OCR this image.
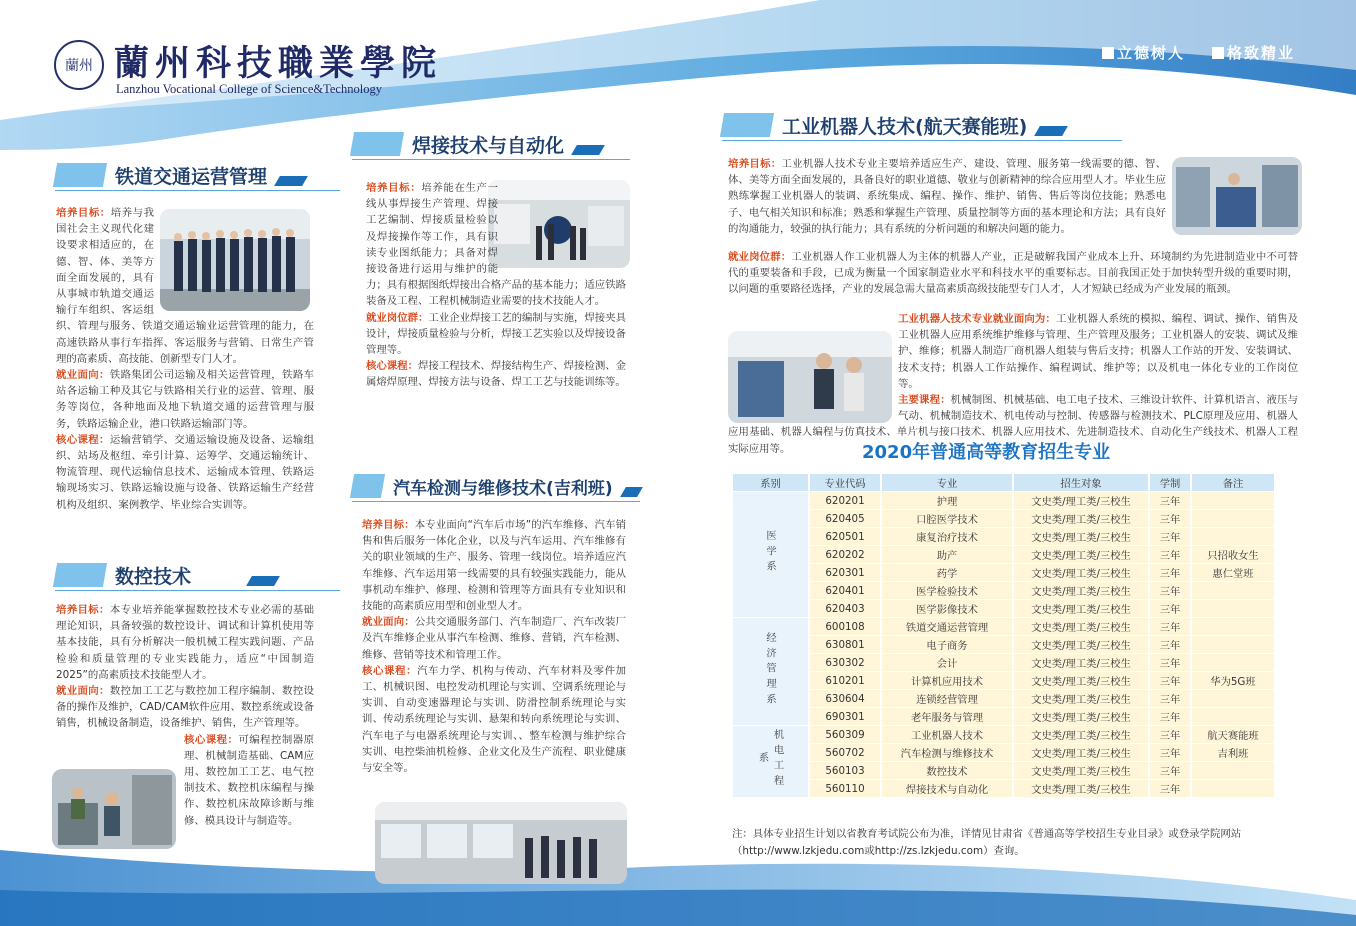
蘭州 蘭州科技職業學院
Lanzhou Vocational College of Science&Technology
立德树人	格致精业
铁道交通运营管理

培养目标：培养与我国社会主义现代化建设要求相适应的，在德、智、体、美等方面全面发展的，具有从事城市轨道交通运输行车组织、客运组织、管理与服务、铁道交通运输业运营管理的能力，在高速铁路从事行车指挥、客运服务与营销、日常生产管理的高素质、高技能、创新型专门人才。

就业面向：铁路集团公司运输及相关运营管理，铁路车站各运输工种及其它与铁路相关行业的运营、管理、服务等岗位，各种地面及地下轨道交通的运营管理与服务，铁路运输企业，港口铁路运输部门等。

核心课程：运输营销学、交通运输设施及设备、运输组织、站场及枢纽、牵引计算、运筹学、交通运输统计、物流管理、现代运输信息技术、运输成本管理、铁路运输现场实习、铁路运输设施与设备、铁路运输生产经营机构及组织、案例教学、毕业综合实训等。

数控技术

培养目标：本专业培养能掌握数控技术专业必需的基础理论知识，具备较强的数控设计、调试和计算机使用等基本技能，具有分析解决一般机械工程实践问题、产品检验和质量管理的专业实践能力，适应“中国制造2025”的高素质技术技能型人才。

就业面向：数控加工工艺与数控加工程序编制、数控设备的操作及维护，CAD/CAM软件应用、数控系统或设备销售，机械设备制造，设备维护、销售，生产管理等。

核心课程：可编程控制器原理、机械制造基础、CAM应用、数控加工工艺、电气控制技术、数控机床编程与操作、数控机床故障诊断与维修、模具设计与制造等。

焊接技术与自动化

培养目标：培养能在生产一线从事焊接生产管理、焊接工艺编制、焊接质量检验以及焊接操作等工作，具有识读专业图纸能力；具备对焊接设备进行运用与维护的能力；具有根据图纸焊接出合格产品的基本能力；适应铁路装备及工程、工程机械制造业需要的技术技能人才。

就业岗位群：工业企业焊接工艺的编制与实施，焊接夹具设计，焊接质量检验与分析，焊接工艺实验以及焊接设备管理等。

核心课程：焊接工程技术、焊接结构生产、焊接检测、金属熔焊原理、焊接方法与设备、焊工工艺与技能训练等。

汽车检测与维修技术(吉利班)

培养目标：本专业面向“汽车后市场”的汽车维修、汽车销售和售后服务一体化企业，以及与汽车运用、汽车维修有关的职业领域的生产、服务、管理一线岗位。培养适应汽车维修、汽车运用第一线需要的具有较强实践能力，能从事机动车维护、修理、检测和管理等方面具有专业知识和技能的高素质应用型和创业型人才。

就业面向：公共交通服务部门、汽车制造厂、汽车改装厂及汽车维修企业从事汽车检测、维修、营销，汽车检测、维修、营销等技术和管理工作。

核心课程：汽车力学、机构与传动、汽车材料及零件加工、机械识图、电控发动机理论与实训、空调系统理论与实训、自动变速器理论与实训、防滑控制系统理论与实训、传动系统理论与实训、悬架和转向系统理论与实训、汽车电子与电器系统理论与实训、、整车检测与维护综合实训、电控柴油机检修、企业文化及生产流程、职业健康与安全等。

工业机器人技术(航天赛能班)

培养目标：工业机器人技术专业主要培养适应生产、建设、管理、服务第一线需要的德、智、体、美等方面全面发展的，具备良好的职业道德、敬业与创新精神的综合应用型人才。毕业生应熟练掌握工业机器人的装调、系统集成、编程、操作、维护、销售、售后等岗位技能；熟悉电子、电气相关知识和标准；熟悉和掌握生产管理、质量控制等方面的基本理论和方法；具有良好的沟通能力，较强的执行能力；具有系统的分析问题的和解决问题的能力。

就业岗位群：工业机器人作工业机器人为主体的机器人产业，正是破解我国产业成本上升、环境制约为先进制造业中不可替代的重要装备和手段，已成为衡量一个国家制造业水平和科技水平的重要标志。目前我国正处于加快转型升级的重要时期，以问题的重要路径选择，产业的发展急需大量高素质高级技能型专门人才，人才短缺已经成为产业发展的瓶颈。

工业机器人技术专业就业面向为：工业机器人系统的模拟、编程、调试、操作、销售及工业机器人应用系统维护维修与管理、生产管理及服务；工业机器人的安装、调试及维护、维修；机器人制造厂商机器人组装与售后支持；机器人工作站的开发、安装调试、技术支持；机器人工作站操作、编程调试、维护等；以及机电一体化专业的工作岗位等。

主要课程：机械制图、机械基础、电工电子技术、三维设计软件、计算机语言、液压与气动、机械制造技术、机电传动与控制、传感器与检测技术、PLC原理及应用、机器人应用基础、机器人编程与仿真技术、单片机与接口技术、机器人应用技术、先进制造技术、自动化生产线技术、机器人工程实际应用等。	2020年普通高等教育招生专业
系别	专业代码	专业	招生对象	学制	备注
医学系	620201	护理	文史类/理工类/三校生	三年	
	620405	口腔医学技术	文史类/理工类/三校生	三年	
	620501	康复治疗技术	文史类/理工类/三校生	三年	
	620202	助产	文史类/理工类/三校生	三年	只招收女生
	620301	药学	文史类/理工类/三校生	三年	惠仁堂班
	620401	医学检验技术	文史类/理工类/三校生	三年	
	620403	医学影像技术	文史类/理工类/三校生	三年	
经济管理系	600108	铁道交通运营管理	文史类/理工类/三校生	三年	
	630801	电子商务	文史类/理工类/三校生	三年	
	630302	会计	文史类/理工类/三校生	三年	
	610201	计算机应用技术	文史类/理工类/三校生	三年	华为5G班
	630604	连锁经营管理	文史类/理工类/三校生	三年	
	690301	老年服务与管理	文史类/理工类/三校生	三年	
机电工程系	560309	工业机器人技术	文史类/理工类/三校生	三年	航天赛能班
	560702	汽车检测与维修技术	文史类/理工类/三校生	三年	吉利班
	560103	数控技术	文史类/理工类/三校生	三年	
	560110	焊接技术与自动化	文史类/理工类/三校生	三年	
注：具体专业招生计划以省教育考试院公布为准，详情见甘肃省《普通高等学校招生专业目录》或登录学院网站（http://www.lzkjedu.com或http://zs.lzkjedu.com）查询。
